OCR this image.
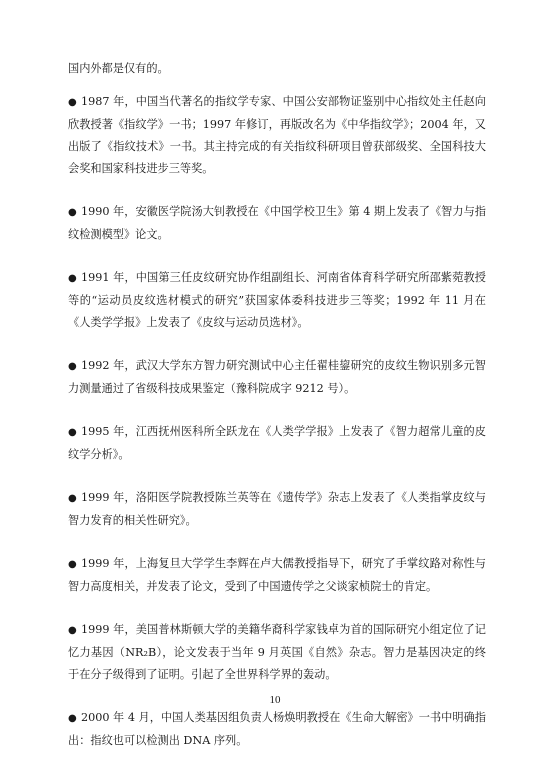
国内外都是仅有的。

● 1987 年，中国当代著名的指纹学专家、中国公安部物证鉴别中心指纹处主任赵向欣教授著《指纹学》一书；1997 年修订，再版改名为《中华指纹学》；2004 年，又出版了《指纹技术》一书。其主持完成的有关指纹科研项目曾获部级奖、全国科技大会奖和国家科技进步三等奖。

● 1990 年，安徽医学院汤大钊教授在《中国学校卫生》第 4 期上发表了《智力与指纹检测模型》论文。

● 1991 年，中国第三任皮纹研究协作组副组长、河南省体育科学研究所邵紫菀教授等的“运动员皮纹选材模式的研究”获国家体委科技进步三等奖；1992 年 11 月在《人类学学报》上发表了《皮纹与运动员选材》。

● 1992 年，武汉大学东方智力研究测试中心主任翟桂鋆研究的皮纹生物识别多元智力测量通过了省级科技成果鉴定（豫科院成字 9212 号）。

● 1995 年，江西抚州医科所全跃龙在《人类学学报》上发表了《智力超常儿童的皮纹学分析》。

● 1999 年，洛阳医学院教授陈兰英等在《遗传学》杂志上发表了《人类指掌皮纹与智力发育的相关性研究》。

● 1999 年，上海复旦大学学生李辉在卢大儒教授指导下，研究了手掌纹路对称性与智力高度相关，并发表了论文，受到了中国遗传学之父谈家桢院士的肯定。

● 1999 年，美国普林斯顿大学的美籍华裔科学家钱卓为首的国际研究小组定位了记忆力基因（NR₂B），论文发表于当年 9 月英国《自然》杂志。智力是基因决定的终于在分子级得到了证明。引起了全世界科学界的轰动。

● 2000 年 4 月，中国人类基因组负责人杨焕明教授在《生命大解密》一书中明确指出：指纹也可以检测出 DNA 序列。

10
